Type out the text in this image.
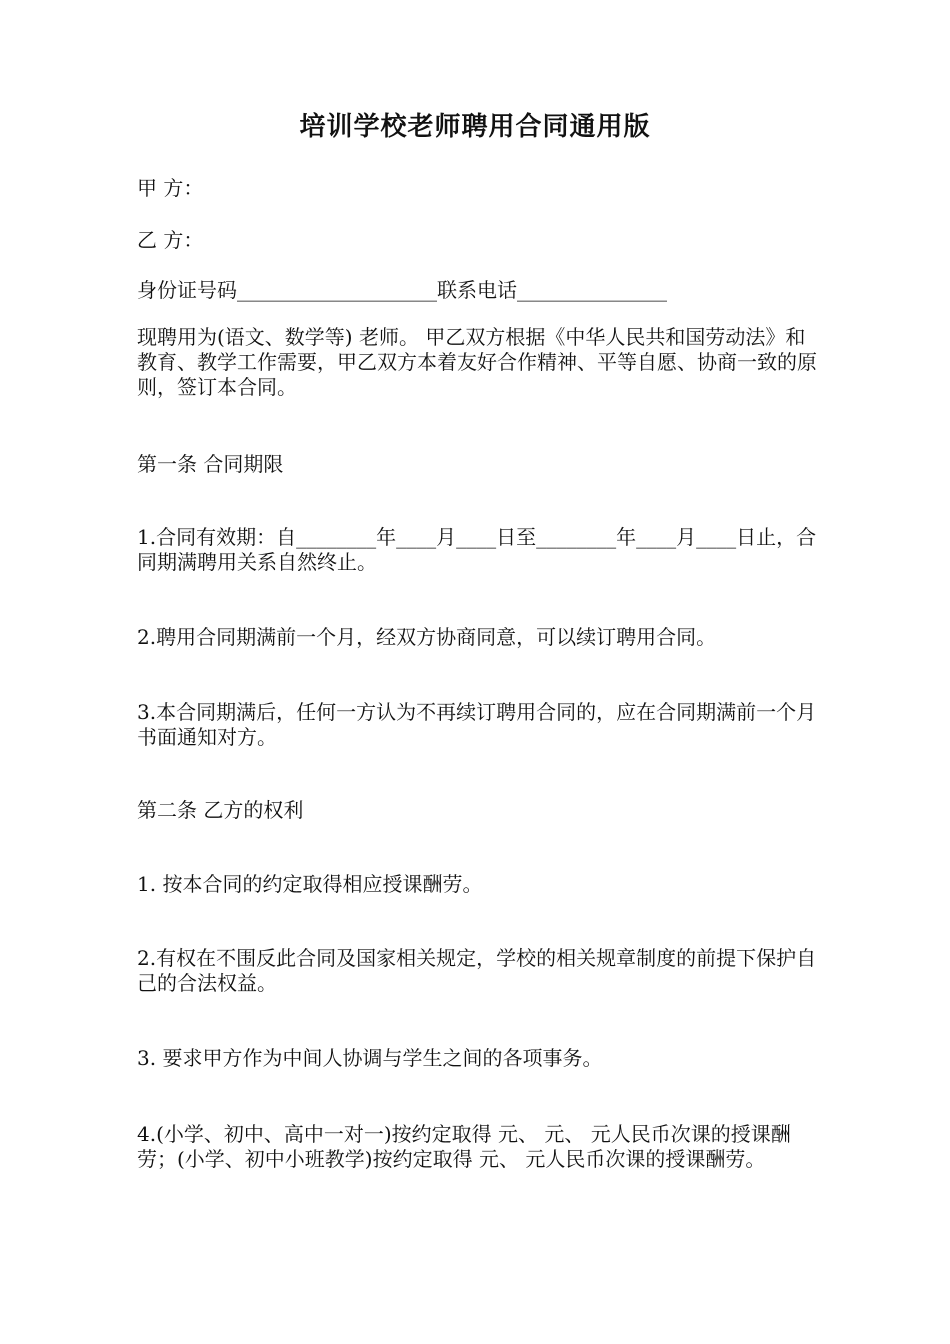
培训学校老师聘用合同通用版
甲 方：
乙 方：
身份证号码____________________联系电话_______________
现聘用为(语文、数学等) 老师。 甲乙双方根据《中华人民共和国劳动法》和教育、教学工作需要，甲乙双方本着友好合作精神、平等自愿、协商一致的原则，签订本合同。
第一条 合同期限
1.合同有效期：自________年____月____日至________年____月____日止，合同期满聘用关系自然终止。
2.聘用合同期满前一个月，经双方协商同意，可以续订聘用合同。
3.本合同期满后，任何一方认为不再续订聘用合同的，应在合同期满前一个月书面通知对方。
第二条 乙方的权利
1. 按本合同的约定取得相应授课酬劳。
2.有权在不围反此合同及国家相关规定，学校的相关规章制度的前提下保护自己的合法权益。
3. 要求甲方作为中间人协调与学生之间的各项事务。
4.(小学、初中、高中一对一)按约定取得 元、 元、 元人民币次课的授课酬劳；(小学、初中小班教学)按约定取得 元、 元人民币次课的授课酬劳。
